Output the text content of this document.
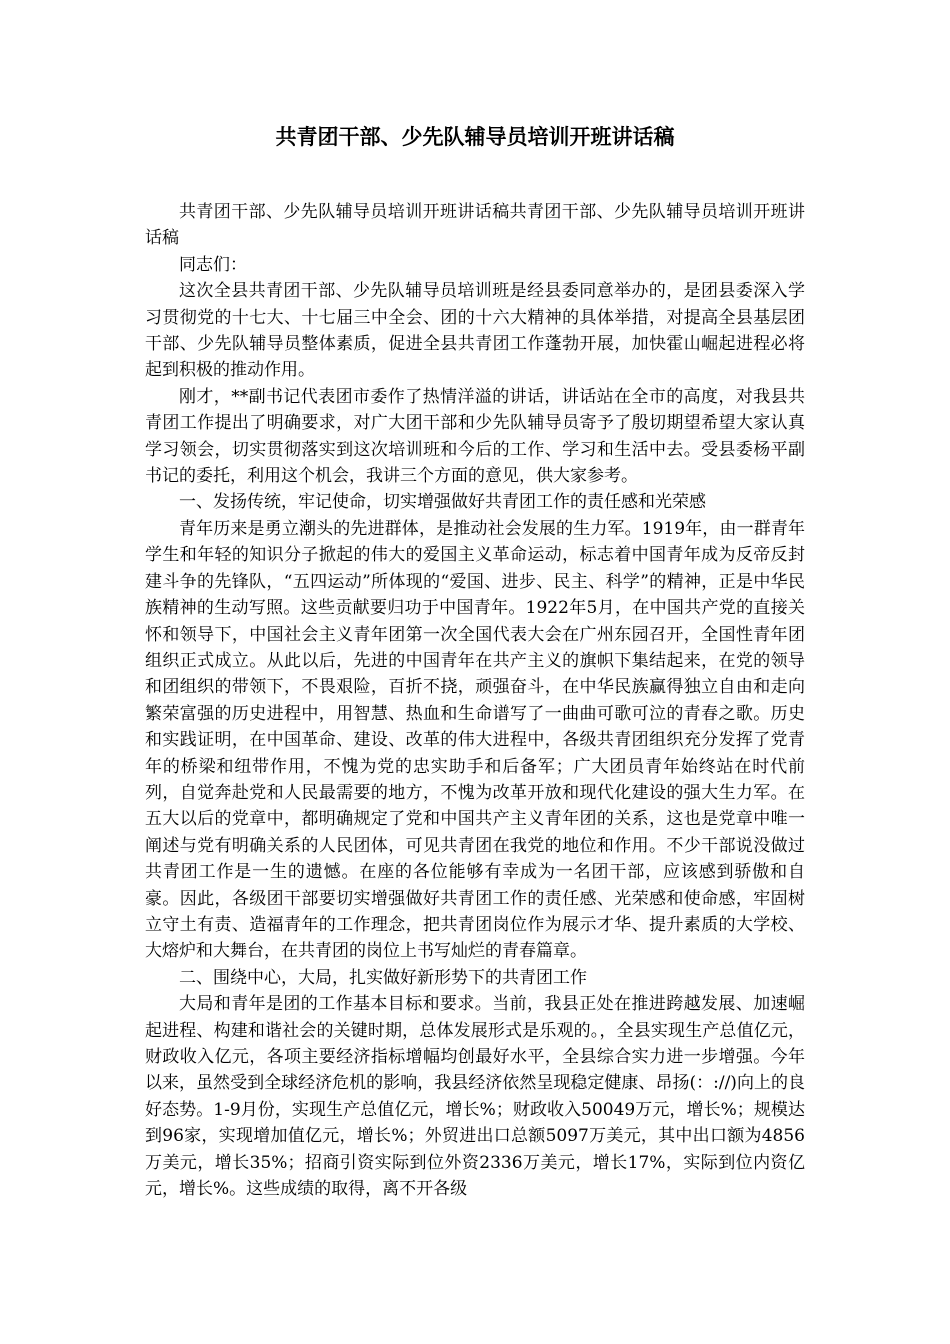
共青团干部、少先队辅导员培训开班讲话稿

共青团干部、少先队辅导员培训开班讲话稿共青团干部、少先队辅导员培训开班讲话稿

同志们：

这次全县共青团干部、少先队辅导员培训班是经县委同意举办的，是团县委深入学习贯彻党的十七大、十七届三中全会、团的十六大精神的具体举措，对提高全县基层团干部、少先队辅导员整体素质，促进全县共青团工作蓬勃开展，加快霍山崛起进程必将起到积极的推动作用。

刚才，**副书记代表团市委作了热情洋溢的讲话，讲话站在全市的高度，对我县共青团工作提出了明确要求，对广大团干部和少先队辅导员寄予了殷切期望希望大家认真学习领会，切实贯彻落实到这次培训班和今后的工作、学习和生活中去。受县委杨平副书记的委托，利用这个机会，我讲三个方面的意见，供大家参考。

一、发扬传统，牢记使命，切实增强做好共青团工作的责任感和光荣感

青年历来是勇立潮头的先进群体，是推动社会发展的生力军。1919年，由一群青年学生和年轻的知识分子掀起的伟大的爱国主义革命运动，标志着中国青年成为反帝反封建斗争的先锋队，“五四运动”所体现的“爱国、进步、民主、科学”的精神，正是中华民族精神的生动写照。这些贡献要归功于中国青年。1922年5月，在中国共产党的直接关怀和领导下，中国社会主义青年团第一次全国代表大会在广州东园召开，全国性青年团组织正式成立。从此以后，先进的中国青年在共产主义的旗帜下集结起来，在党的领导和团组织的带领下，不畏艰险，百折不挠，顽强奋斗，在中华民族赢得独立自由和走向繁荣富强的历史进程中，用智慧、热血和生命谱写了一曲曲可歌可泣的青春之歌。历史和实践证明，在中国革命、建设、改革的伟大进程中，各级共青团组织充分发挥了党青年的桥梁和纽带作用，不愧为党的忠实助手和后备军；广大团员青年始终站在时代前列，自觉奔赴党和人民最需要的地方，不愧为改革开放和现代化建设的强大生力军。在五大以后的党章中，都明确规定了党和中国共产主义青年团的关系，这也是党章中唯一阐述与党有明确关系的人民团体，可见共青团在我党的地位和作用。不少干部说没做过共青团工作是一生的遗憾。在座的各位能够有幸成为一名团干部，应该感到骄傲和自豪。因此，各级团干部要切实增强做好共青团工作的责任感、光荣感和使命感，牢固树立守土有责、造福青年的工作理念，把共青团岗位作为展示才华、提升素质的大学校、大熔炉和大舞台，在共青团的岗位上书写灿烂的青春篇章。

二、围绕中心，大局，扎实做好新形势下的共青团工作

大局和青年是团的工作基本目标和要求。当前，我县正处在推进跨越发展、加速崛起进程、构建和谐社会的关键时期，总体发展形式是乐观的。，全县实现生产总值亿元，财政收入亿元，各项主要经济指标增幅均创最好水平，全县综合实力进一步增强。今年以来，虽然受到全球经济危机的影响，我县经济依然呈现稳定健康、昂扬(：://)向上的良好态势。1-9月份，实现生产总值亿元，增长%；财政收入50049万元，增长%；规模达到96家，实现增加值亿元，增长%；外贸进出口总额5097万美元，其中出口额为4856万美元，增长35%；招商引资实际到位外资2336万美元，增长17%，实际到位内资亿元，增长%。这些成绩的取得，离不开各级
